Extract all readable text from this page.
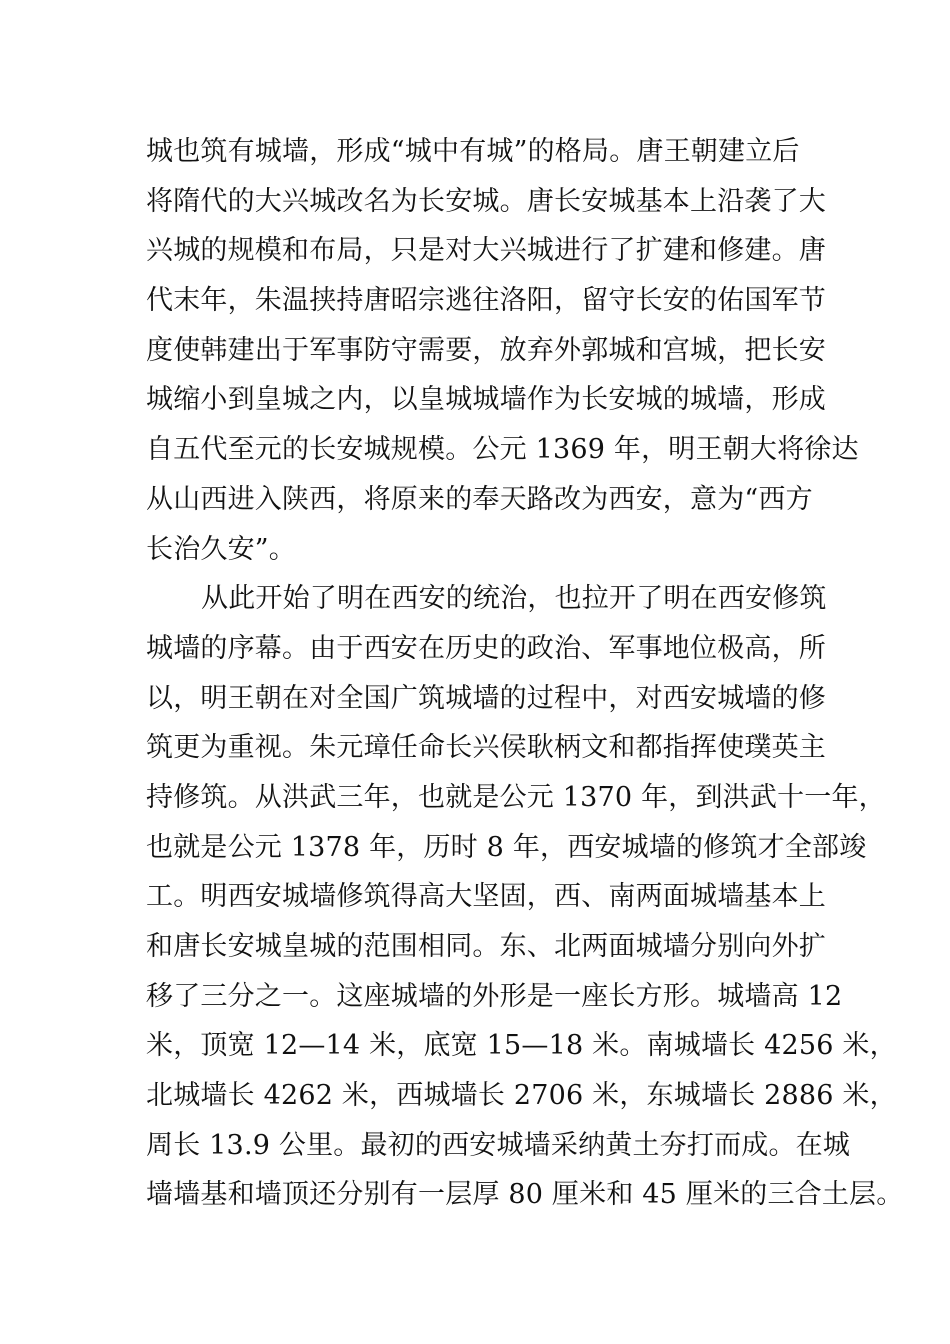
城也筑有城墙，形成“城中有城”的格局。唐王朝建立后
将隋代的大兴城改名为长安城。唐长安城基本上沿袭了大
兴城的规模和布局，只是对大兴城进行了扩建和修建。唐
代末年，朱温挟持唐昭宗逃往洛阳，留守长安的佑国军节
度使韩建出于军事防守需要，放弃外郭城和宫城，把长安
城缩小到皇城之内，以皇城城墙作为长安城的城墙，形成
自五代至元的长安城规模。公元 1369 年，明王朝大将徐达
从山西进入陕西，将原来的奉天路改为西安，意为“西方
长治久安”。
从此开始了明在西安的统治，也拉开了明在西安修筑
城墙的序幕。由于西安在历史的政治、军事地位极高，所
以，明王朝在对全国广筑城墙的过程中，对西安城墙的修
筑更为重视。朱元璋任命长兴侯耿柄文和都指挥使璞英主
持修筑。从洪武三年，也就是公元 1370 年，到洪武十一年，
也就是公元 1378 年，历时 8 年，西安城墙的修筑才全部竣
工。明西安城墙修筑得高大坚固，西、南两面城墙基本上
和唐长安城皇城的范围相同。东、北两面城墙分别向外扩
移了三分之一。这座城墙的外形是一座长方形。城墙高 12
米，顶宽 12—14 米，底宽 15—18 米。南城墙长 4256 米，
北城墙长 4262 米，西城墙长 2706 米，东城墙长 2886 米，
周长 13.9 公里。最初的西安城墙采纳黄土夯打而成。在城
墙墙基和墙顶还分别有一层厚 80 厘米和 45 厘米的三合土层。
